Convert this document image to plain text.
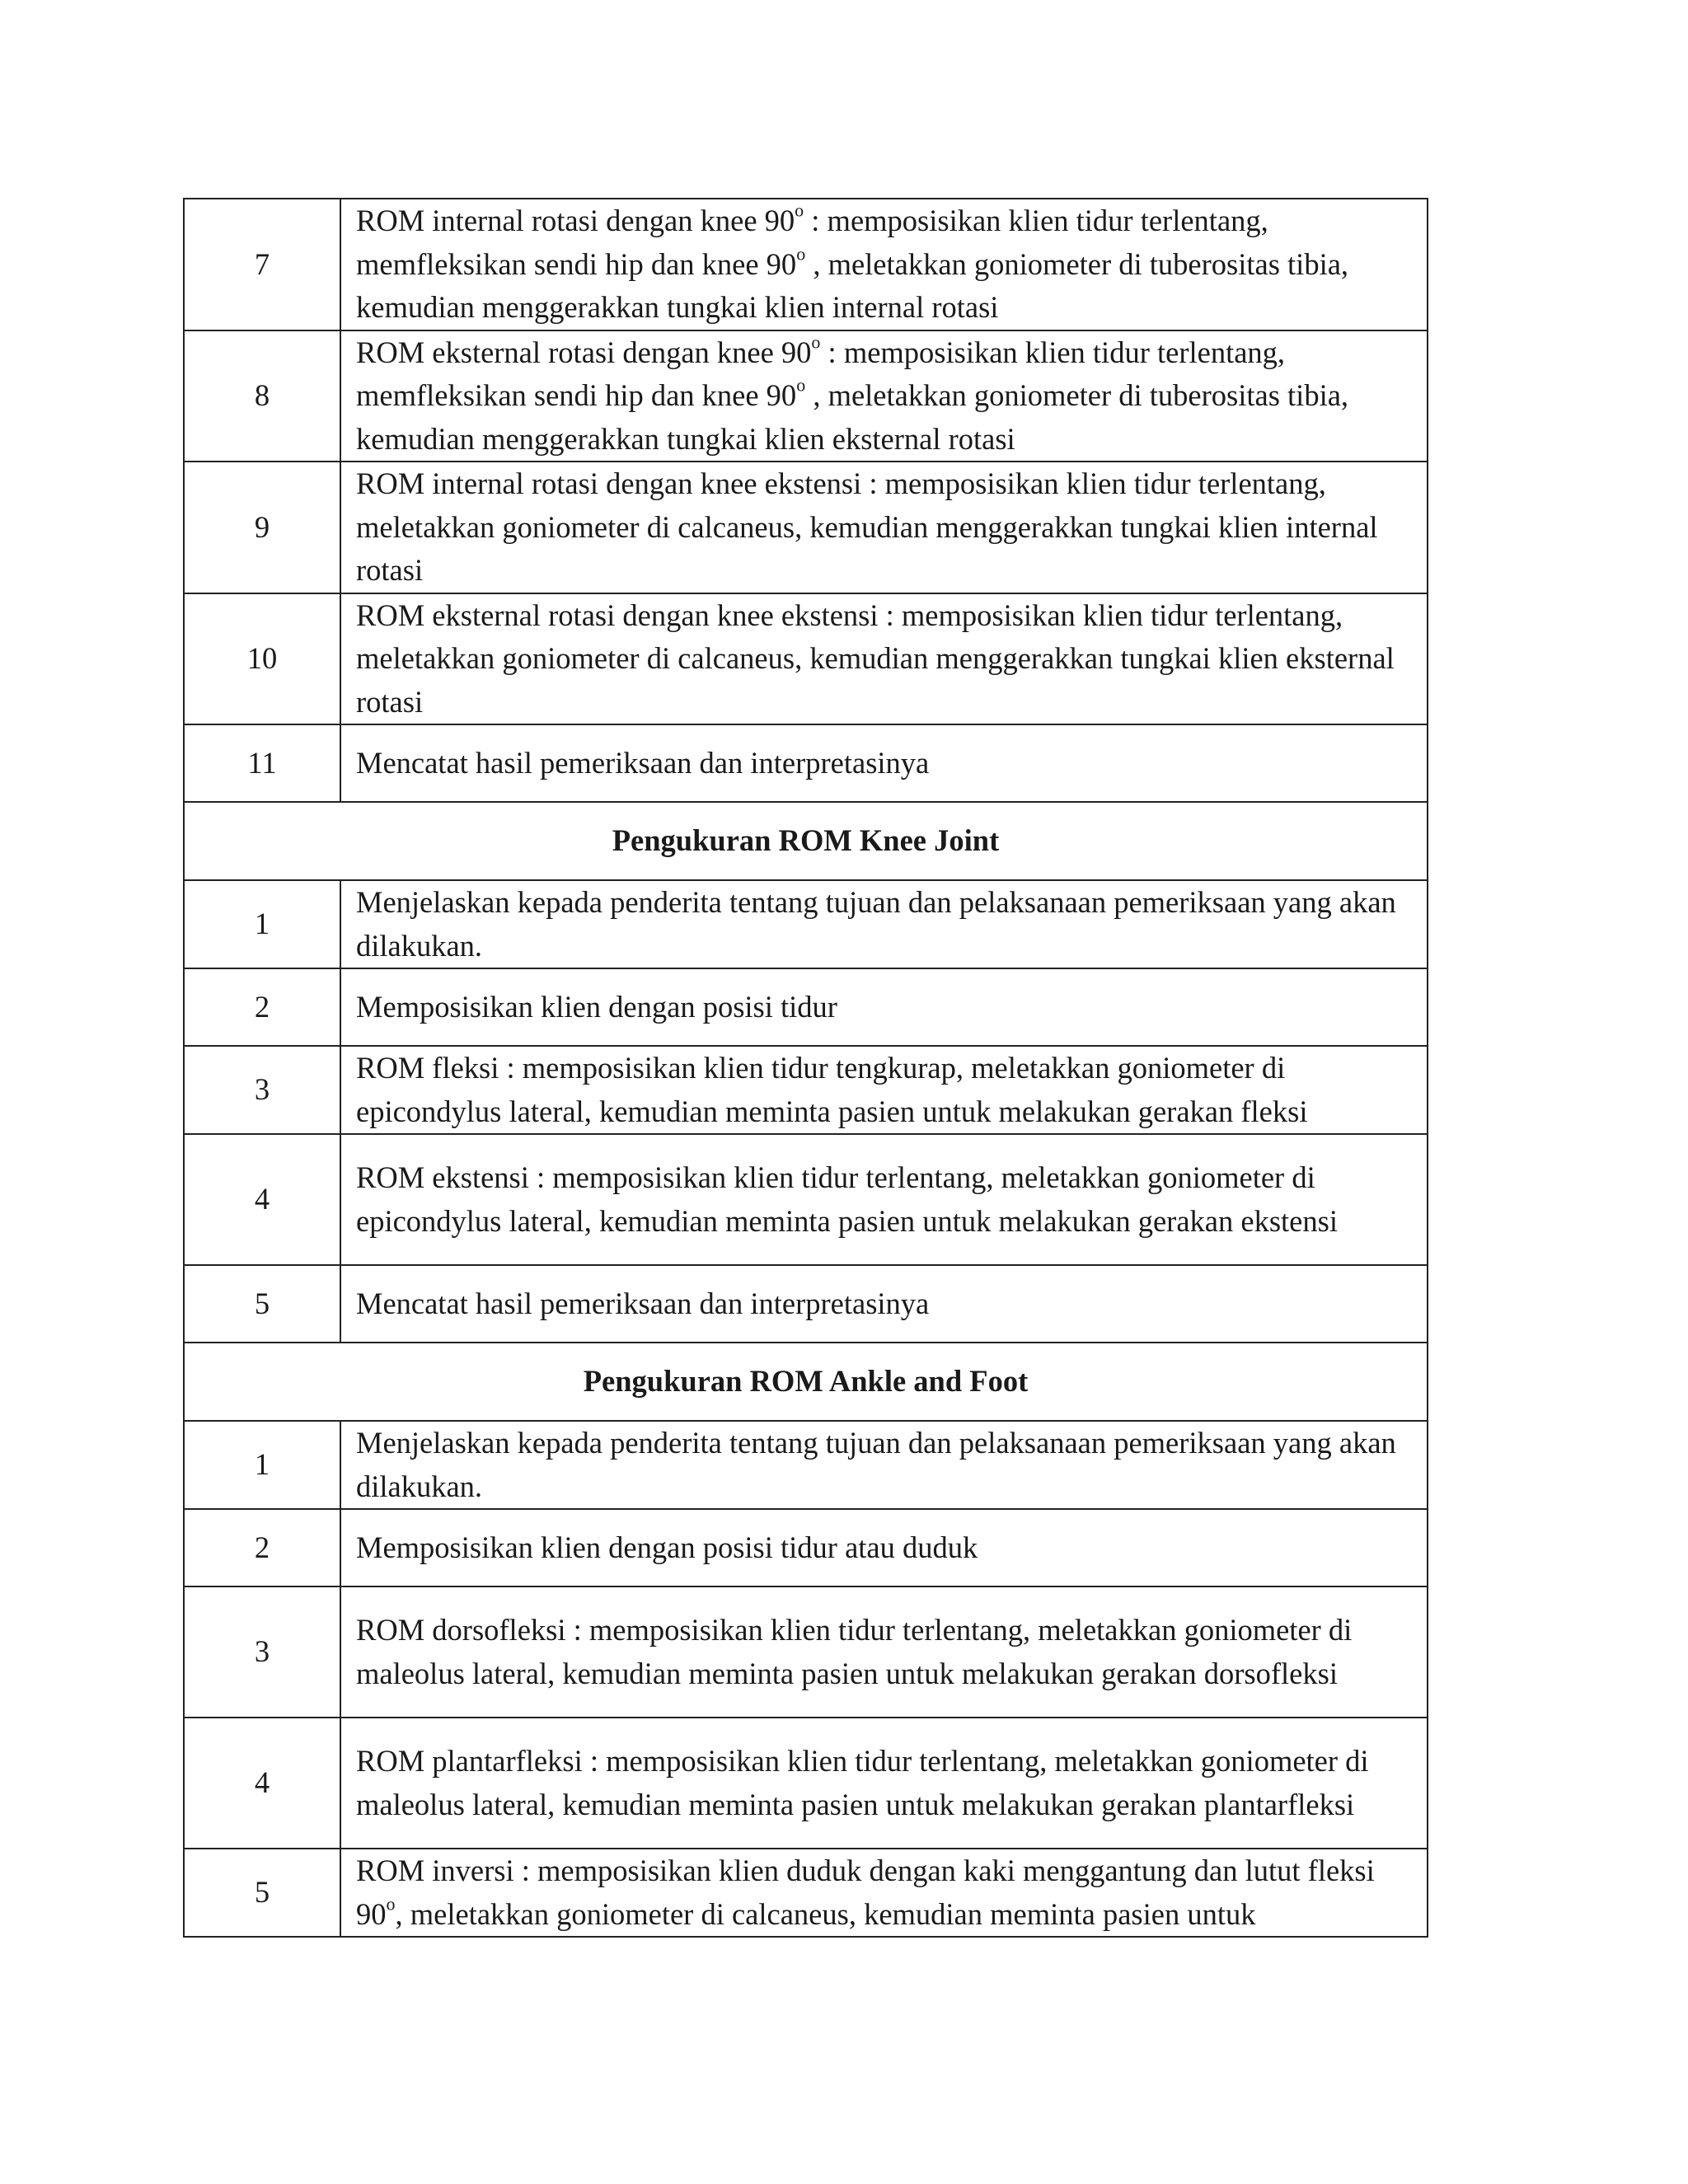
7	ROM internal rotasi dengan knee 90$^o$ : memposisikan klien tidur terlentang, memfleksikan sendi hip dan knee 90$^o$ , meletakkan goniometer di tuberositas tibia, kemudian menggerakkan tungkai klien internal rotasi
8	ROM eksternal rotasi dengan knee 90$^o$ : memposisikan klien tidur terlentang, memfleksikan sendi hip dan knee 90$^o$ , meletakkan goniometer di tuberositas tibia, kemudian menggerakkan tungkai klien eksternal rotasi
9	ROM internal rotasi dengan knee ekstensi : memposisikan klien tidur terlentang, meletakkan goniometer di calcaneus, kemudian menggerakkan tungkai klien internal rotasi
10	ROM eksternal rotasi dengan knee ekstensi : memposisikan klien tidur terlentang, meletakkan goniometer di calcaneus, kemudian menggerakkan tungkai klien eksternal rotasi
11	Mencatat hasil pemeriksaan dan interpretasinya
Pengukuran ROM Knee Joint	
1	Menjelaskan kepada penderita tentang tujuan dan pelaksanaan pemeriksaan yang akan dilakukan.
2	Memposisikan klien dengan posisi tidur
3	ROM fleksi : memposisikan klien tidur tengkurap, meletakkan goniometer di epicondylus lateral, kemudian meminta pasien untuk melakukan gerakan fleksi
4	ROM ekstensi : memposisikan klien tidur terlentang, meletakkan goniometer di epicondylus lateral, kemudian meminta pasien untuk melakukan gerakan ekstensi
5	Mencatat hasil pemeriksaan dan interpretasinya
Pengukuran ROM Ankle and Foot	
1	Menjelaskan kepada penderita tentang tujuan dan pelaksanaan pemeriksaan yang akan dilakukan.
2	Memposisikan klien dengan posisi tidur atau duduk
3	ROM dorsofleksi : memposisikan klien tidur terlentang, meletakkan goniometer di maleolus lateral, kemudian meminta pasien untuk melakukan gerakan dorsofleksi
4	ROM plantarfleksi : memposisikan klien tidur terlentang, meletakkan goniometer di maleolus lateral, kemudian meminta pasien untuk melakukan gerakan plantarfleksi
5	ROM inversi : memposisikan klien duduk dengan kaki menggantung dan lutut fleksi 90$^o$, meletakkan goniometer di calcaneus, kemudian meminta pasien untuk
